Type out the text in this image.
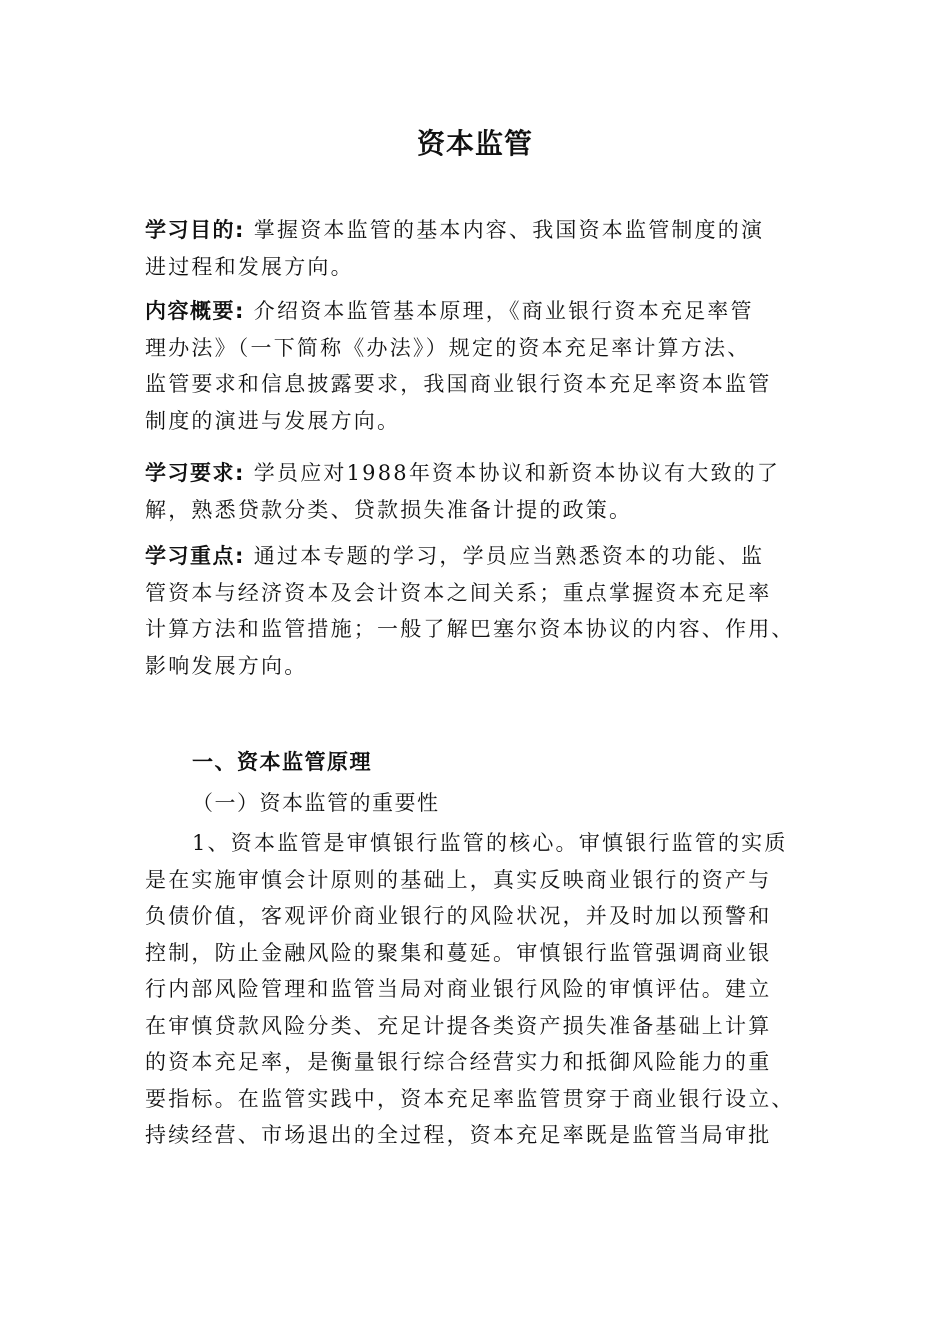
资本监管
学习目的: 掌握资本监管的基本内容、我国资本监管制度的演
进过程和发展方向。
内容概要: 介绍资本监管基本原理，《商业银行资本充足率管
理办法》（一下简称《办法》）规定的资本充足率计算方法、
监管要求和信息披露要求，我国商业银行资本充足率资本监管
制度的演进与发展方向。
学习要求: 学员应对1988年资本协议和新资本协议有大致的了
解，熟悉贷款分类、贷款损失准备计提的政策。
学习重点: 通过本专题的学习，学员应当熟悉资本的功能、监
管资本与经济资本及会计资本之间关系；重点掌握资本充足率
计算方法和监管措施；一般了解巴塞尔资本协议的内容、作用、
影响发展方向。
一、资本监管原理
（一）资本监管的重要性
1、资本监管是审慎银行监管的核心。审慎银行监管的实质
是在实施审慎会计原则的基础上，真实反映商业银行的资产与
负债价值，客观评价商业银行的风险状况，并及时加以预警和
控制，防止金融风险的聚集和蔓延。审慎银行监管强调商业银
行内部风险管理和监管当局对商业银行风险的审慎评估。建立
在审慎贷款风险分类、充足计提各类资产损失准备基础上计算
的资本充足率，是衡量银行综合经营实力和抵御风险能力的重
要指标。在监管实践中，资本充足率监管贯穿于商业银行设立、
持续经营、市场退出的全过程，资本充足率既是监管当局审批
